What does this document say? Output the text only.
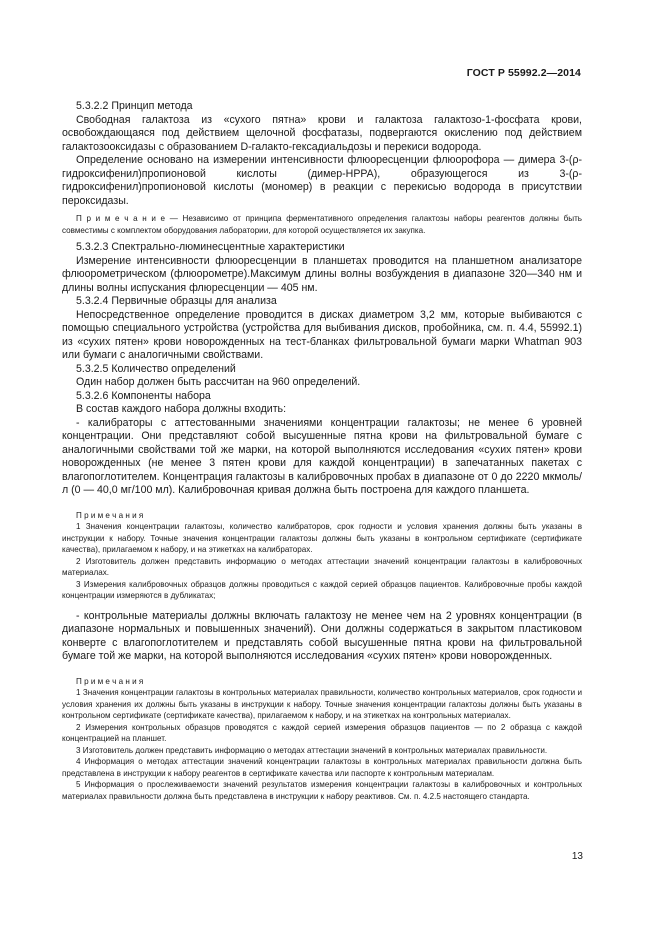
ГОСТ Р 55992.2—2014

5.3.2.2 Принцип метода

Свободная галактоза из «сухого пятна» крови и галактоза галактозо-1-фосфата крови, освобождающаяся под действием щелочной фосфатазы, подвергаются окислению под действием галактозооксидазы с образованием D-галакто-гексадиальдозы и перекиси водорода.

Определение основано на измерении интенсивности флюоресценции флюорофора — димера 3-(ρ-гидроксифенил)пропионовой кислоты (димер-HPPA), образующегося из 3-(ρ-гидроксифенил)пропионовой кислоты (мономер) в реакции с перекисью водорода в присутствии пероксидазы.

П р и м е ч а н и е — Независимо от принципа ферментативного определения галактозы наборы реагентов должны быть совместимы с комплектом оборудования лаборатории, для которой осуществляется их закупка.

5.3.2.3 Спектрально-люминесцентные характеристики

Измерение интенсивности флюоресценции в планшетах проводится на планшетном анализаторе флюорометрическом (флюорометре).Максимум длины волны возбуждения в диапазоне 320—340 нм и длины волны испускания флюресценции — 405 нм.

5.3.2.4 Первичные образцы для анализа

Непосредственное определение проводится в дисках диаметром 3,2 мм, которые выбиваются с помощью специального устройства (устройства для выбивания дисков, пробойника, см. п. 4.4, 55992.1) из «сухих пятен» крови новорожденных на тест-бланках фильтровальной бумаги марки Whatman 903 или бумаги с аналогичными свойствами.

5.3.2.5 Количество определений

Один набор должен быть рассчитан на 960 определений.

5.3.2.6 Компоненты набора

В состав каждого набора должны входить:

- калибраторы с аттестованными значениями концентрации галактозы; не менее 6 уровней концентрации. Они представляют собой высушенные пятна крови на фильтровальной бумаге с аналогичными свойствами той же марки, на которой выполняются исследования «сухих пятен» крови новорожденных (не менее 3 пятен крови для каждой концентрации) в запечатанных пакетах с влагопоглотителем. Концентрация галактозы в калибровочных пробах в диапазоне от 0 до 2220 мкмоль/л (0 — 40,0 мг/100 мл). Калибровочная кривая должна быть построена для каждого планшета.

П р и м е ч а н и я

1 Значения концентрации галактозы, количество калибраторов, срок годности и условия хранения должны быть указаны в инструкции к набору. Точные значения концентрации галактозы должны быть указаны в контрольном сертификате (сертификате качества), прилагаемом к набору, и на этикетках на калибраторах.

2 Изготовитель должен представить информацию о методах аттестации значений концентрации галактозы в калибровочных материалах.

3 Измерения калибровочных образцов должны проводиться с каждой серией образцов пациентов. Калибровочные пробы каждой концентрации измеряются в дубликатах;

- контрольные материалы должны включать галактозу не менее чем на 2 уровнях концентрации (в диапазоне нормальных и повышенных значений). Они должны содержаться в закрытом пластиковом конверте с влагопоглотителем и представлять собой высушенные пятна крови на фильтровальной бумаге той же марки, на которой выполняются исследования «сухих пятен» крови новорожденных.

П р и м е ч а н и я

1 Значения концентрации галактозы в контрольных материалах правильности, количество контрольных материалов, срок годности и условия хранения их должны быть указаны в инструкции к набору. Точные значения концентрации галактозы должны быть указаны в контрольном сертификате (сертификате качества), прилагаемом к набору, и на этикетках на контрольных материалах.

2 Измерения контрольных образцов проводятся с каждой серией измерения образцов пациентов — по 2 образца с каждой концентрацией на планшет.

3 Изготовитель должен представить информацию о методах аттестации значений в контрольных материалах правильности.

4 Информация о методах аттестации значений концентрации галактозы в контрольных материалах правильности должна быть представлена в инструкции к набору реагентов в сертификате качества или паспорте к контрольным материалам.

5 Информация о прослеживаемости значений результатов измерения концентрации галактозы в калибровочных и контрольных материалах правильности должна быть представлена в инструкции к набору реактивов. См. п. 4.2.5 настоящего стандарта.

13
